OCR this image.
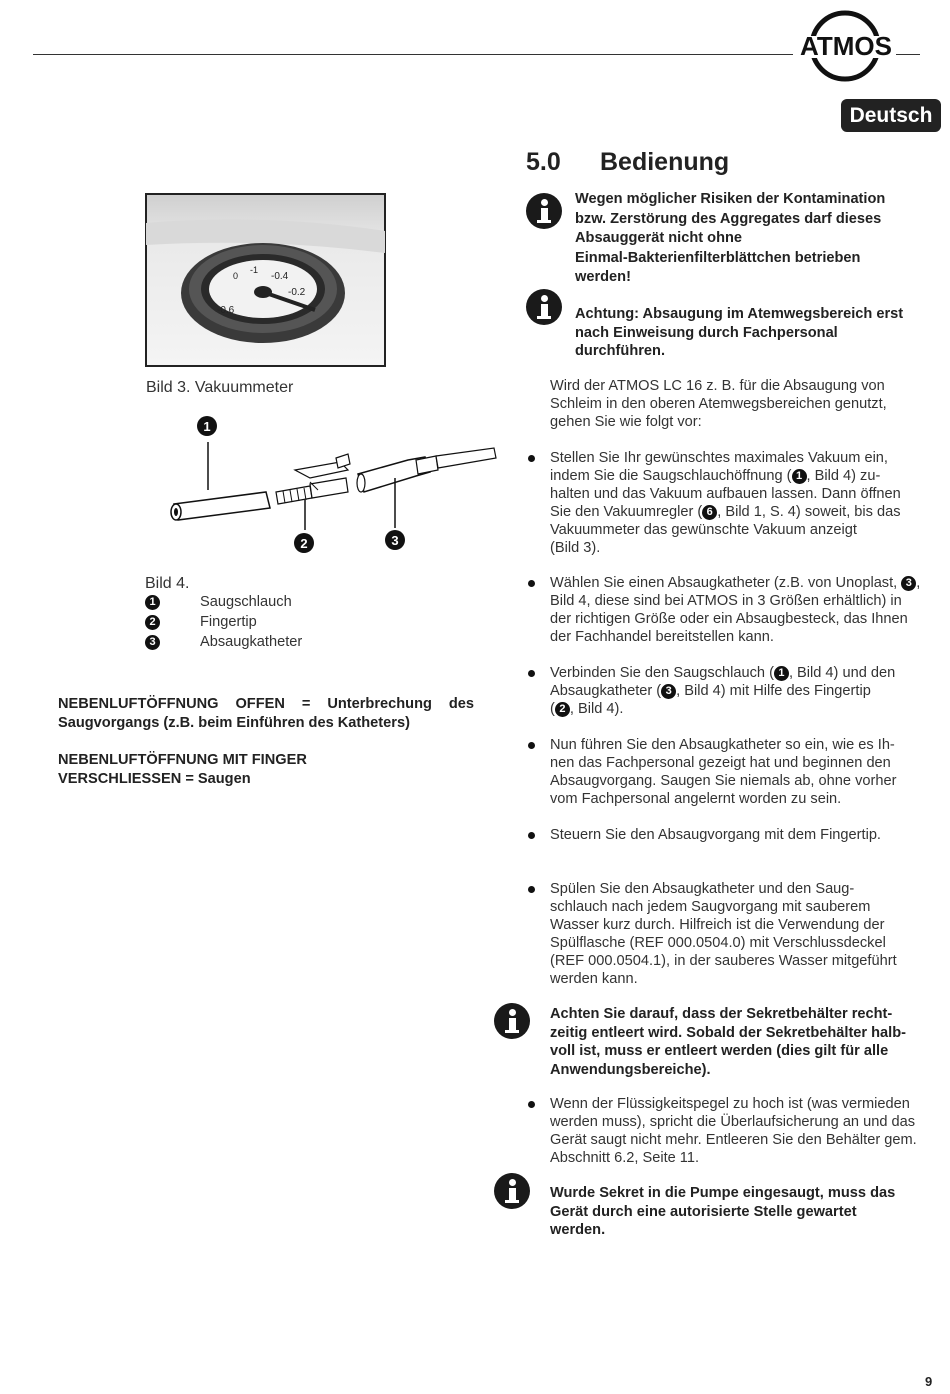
ATMOS
Deutsch
5.0 Bedienung
-0.6
0
-1
-0.4
-0.2
Bild 3. Vakuummeter
1
2	3
Bild 4.
1	Saugschlauch
2	Fingertip
3	Absaugkatheter
NEBENLUFTÖFFNUNG OFFEN = Unterbrechung des
Saugvorgangs (z.B. beim Einführen des Katheters)
NEBENLUFTÖFFNUNG MIT FINGER
VERSCHLIESSEN = Saugen
Wegen möglicher Risiken der Kontamination
bzw. Zerstörung des Aggregates darf dieses
Absauggerät nicht ohne
Einmal-Bakterienfilterblättchen betrieben
werden!
Achtung: Absaugung im Atemwegsbereich erst
nach Einweisung durch Fachpersonal
durchführen.
Wird der ATMOS LC 16 z. B. für die Absaugung von
Schleim in den oberen Atemwegsbereichen genutzt,
gehen Sie wie folgt vor:
Stellen Sie Ihr gewünschtes maximales Vakuum ein,
indem Sie die Saugschlauchöffnung ( 1 , Bild 4) zu-
halten und das Vakuum aufbauen lassen. Dann öffnen
Sie den Vakuumregler ( 6 , Bild 1, S. 4) soweit, bis das
Vakuummeter das gewünschte Vakuum anzeigt
(Bild 3).
Wählen Sie einen Absaugkatheter (z.B. von Unoplast, 3 ,
Bild 4, diese sind bei ATMOS in 3 Größen erhältlich) in
der richtigen Größe oder ein Absaugbesteck, das Ihnen
der Fachhandel bereitstellen kann.
Verbinden Sie den Saugschlauch ( 1 , Bild 4) und den
Absaugkatheter ( 3 , Bild 4) mit Hilfe des Fingertip
( 2 , Bild 4).
Nun führen Sie den Absaugkatheter so ein, wie es Ih-
nen das Fachpersonal gezeigt hat und beginnen den
Absaugvorgang. Saugen Sie niemals ab, ohne vorher
vom Fachpersonal angelernt worden zu sein.
Steuern Sie den Absaugvorgang mit dem Fingertip.
Spülen Sie den Absaugkatheter und den Saug-
schlauch nach jedem Saugvorgang mit sauberem
Wasser kurz durch. Hilfreich ist die Verwendung der
Spülflasche (REF 000.0504.0) mit Verschlussdeckel
(REF 000.0504.1), in der sauberes Wasser mitgeführt
werden kann.
Achten Sie darauf, dass der Sekretbehälter recht-
zeitig entleert wird. Sobald der Sekretbehälter halb-
voll ist, muss er entleert werden (dies gilt für alle
Anwendungsbereiche).
Wenn der Flüssigkeitspegel zu hoch ist (was vermieden
werden muss), spricht die Überlaufsicherung an und das
Gerät saugt nicht mehr. Entleeren Sie den Behälter gem.
Abschnitt 6.2, Seite 11.
Wurde Sekret in die Pumpe eingesaugt, muss das
Gerät durch eine autorisierte Stelle gewartet
werden.
9
